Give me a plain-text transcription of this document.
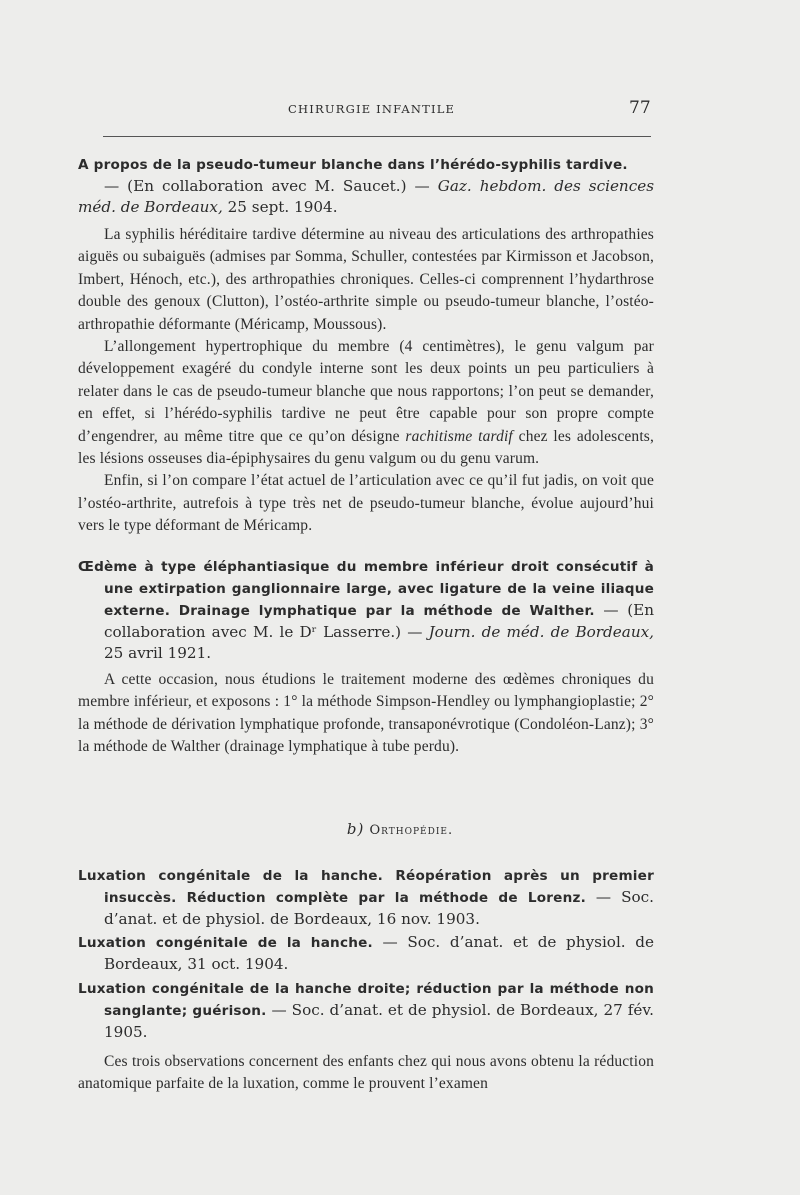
CHIRURGIE INFANTILE	77

A propos de la pseudo-tumeur blanche dans l’hérédo-syphilis tardive.
— (En collaboration avec M. Saucet.) — Gaz. hebdom. des sciences méd. de Bordeaux, 25 sept. 1904.

La syphilis héréditaire tardive détermine au niveau des articulations des arthropathies aiguës ou subaiguës (admises par Somma, Schuller, contestées par Kirmisson et Jacobson, Imbert, Hénoch, etc.), des arthropathies chroniques. Celles-ci comprennent l’hydarthrose double des genoux (Clutton), l’ostéo-arthrite simple ou pseudo-tumeur blanche, l’ostéo-arthropathie déformante (Méricamp, Moussous).

L’allongement hypertrophique du membre (4 centimètres), le genu valgum par développement exagéré du condyle interne sont les deux points un peu particuliers à relater dans le cas de pseudo-tumeur blanche que nous rapportons; l’on peut se demander, en effet, si l’hérédo-syphilis tardive ne peut être capable pour son propre compte d’engendrer, au même titre que ce qu’on désigne rachitisme tardif chez les adolescents, les lésions osseuses dia-épiphysaires du genu valgum ou du genu varum.

Enfin, si l’on compare l’état actuel de l’articulation avec ce qu’il fut jadis, on voit que l’ostéo-arthrite, autrefois à type très net de pseudo-tumeur blanche, évolue aujourd’hui vers le type déformant de Méricamp.

Œdème à type éléphantiasique du membre inférieur droit consécutif à une extirpation ganglionnaire large, avec ligature de la veine iliaque externe. Drainage lymphatique par la méthode de Walther. — (En collaboration avec M. le Dʳ Lasserre.) — Journ. de méd. de Bordeaux, 25 avril 1921.

A cette occasion, nous étudions le traitement moderne des œdèmes chroniques du membre inférieur, et exposons : 1° la méthode Simpson-Hendley ou lymphangioplastie; 2° la méthode de dérivation lymphatique profonde, transaponévrotique (Condoléon-Lanz); 3° la méthode de Walther (drainage lymphatique à tube perdu).

b) Orthopédie.

Luxation congénitale de la hanche. Réopération après un premier insuccès. Réduction complète par la méthode de Lorenz. — Soc. d’anat. et de physiol. de Bordeaux, 16 nov. 1903.

Luxation congénitale de la hanche. — Soc. d’anat. et de physiol. de Bordeaux, 31 oct. 1904.

Luxation congénitale de la hanche droite; réduction par la méthode non sanglante; guérison. — Soc. d’anat. et de physiol. de Bordeaux, 27 fév. 1905.

Ces trois observations concernent des enfants chez qui nous avons obtenu la réduction anatomique parfaite de la luxation, comme le prouvent l’examen
